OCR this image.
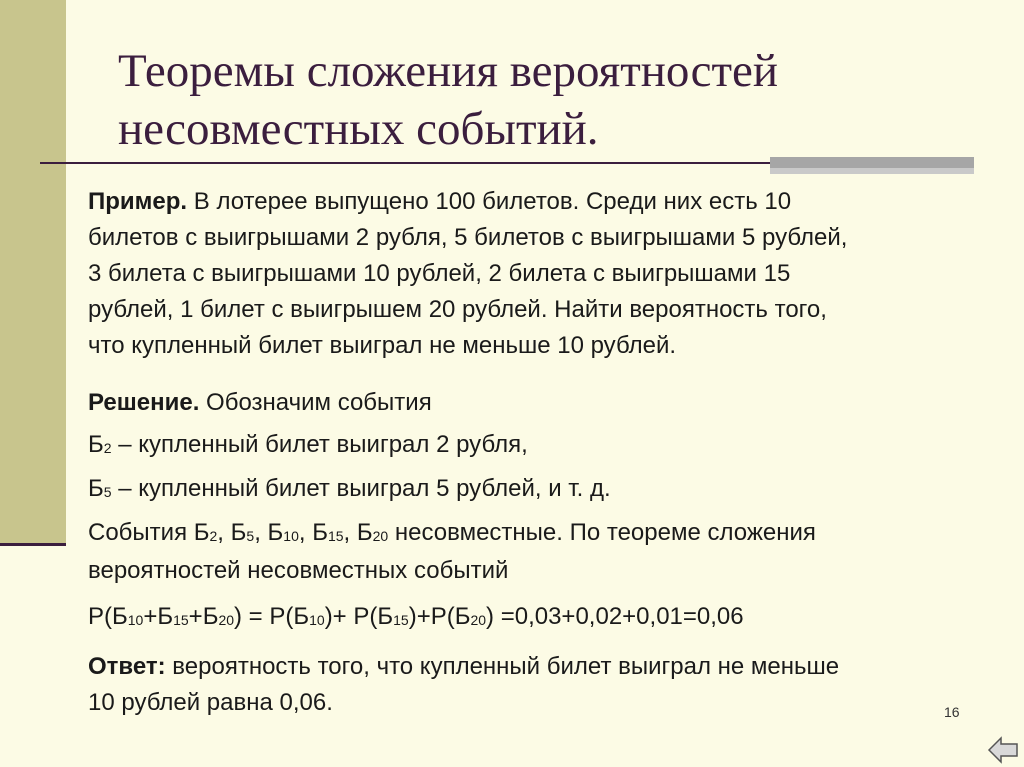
Теоремы сложения вероятностей
несовместных событий.

Пример. В лотерее выпущено 100 билетов. Среди них есть 10
билетов с выигрышами 2 рубля, 5 билетов с выигрышами 5 рублей,
3 билета с выигрышами 10 рублей, 2 билета с выигрышами 15
рублей, 1 билет с выигрышем 20 рублей. Найти вероятность того,
что купленный билет выиграл не меньше 10 рублей.

Решение. Обозначим события

$Б_2$ – купленный билет выиграл 2 рубля,

$Б_5$ – купленный билет выиграл 5 рублей, и т. д.

События $Б_2$, $Б_5$, $Б_{10}$, $Б_{15}$, $Б_{20}$ несовместные. По теореме сложения
вероятностей несовместных событий

$P(Б_{10}+Б_{15}+Б_{20}) = P(Б_{10})+ P(Б_{15})+P(Б_{20}) =0,03+0,02+0,01=0,06$

Ответ: вероятность того, что купленный билет выиграл не меньше
10 рублей равна 0,06.	16
